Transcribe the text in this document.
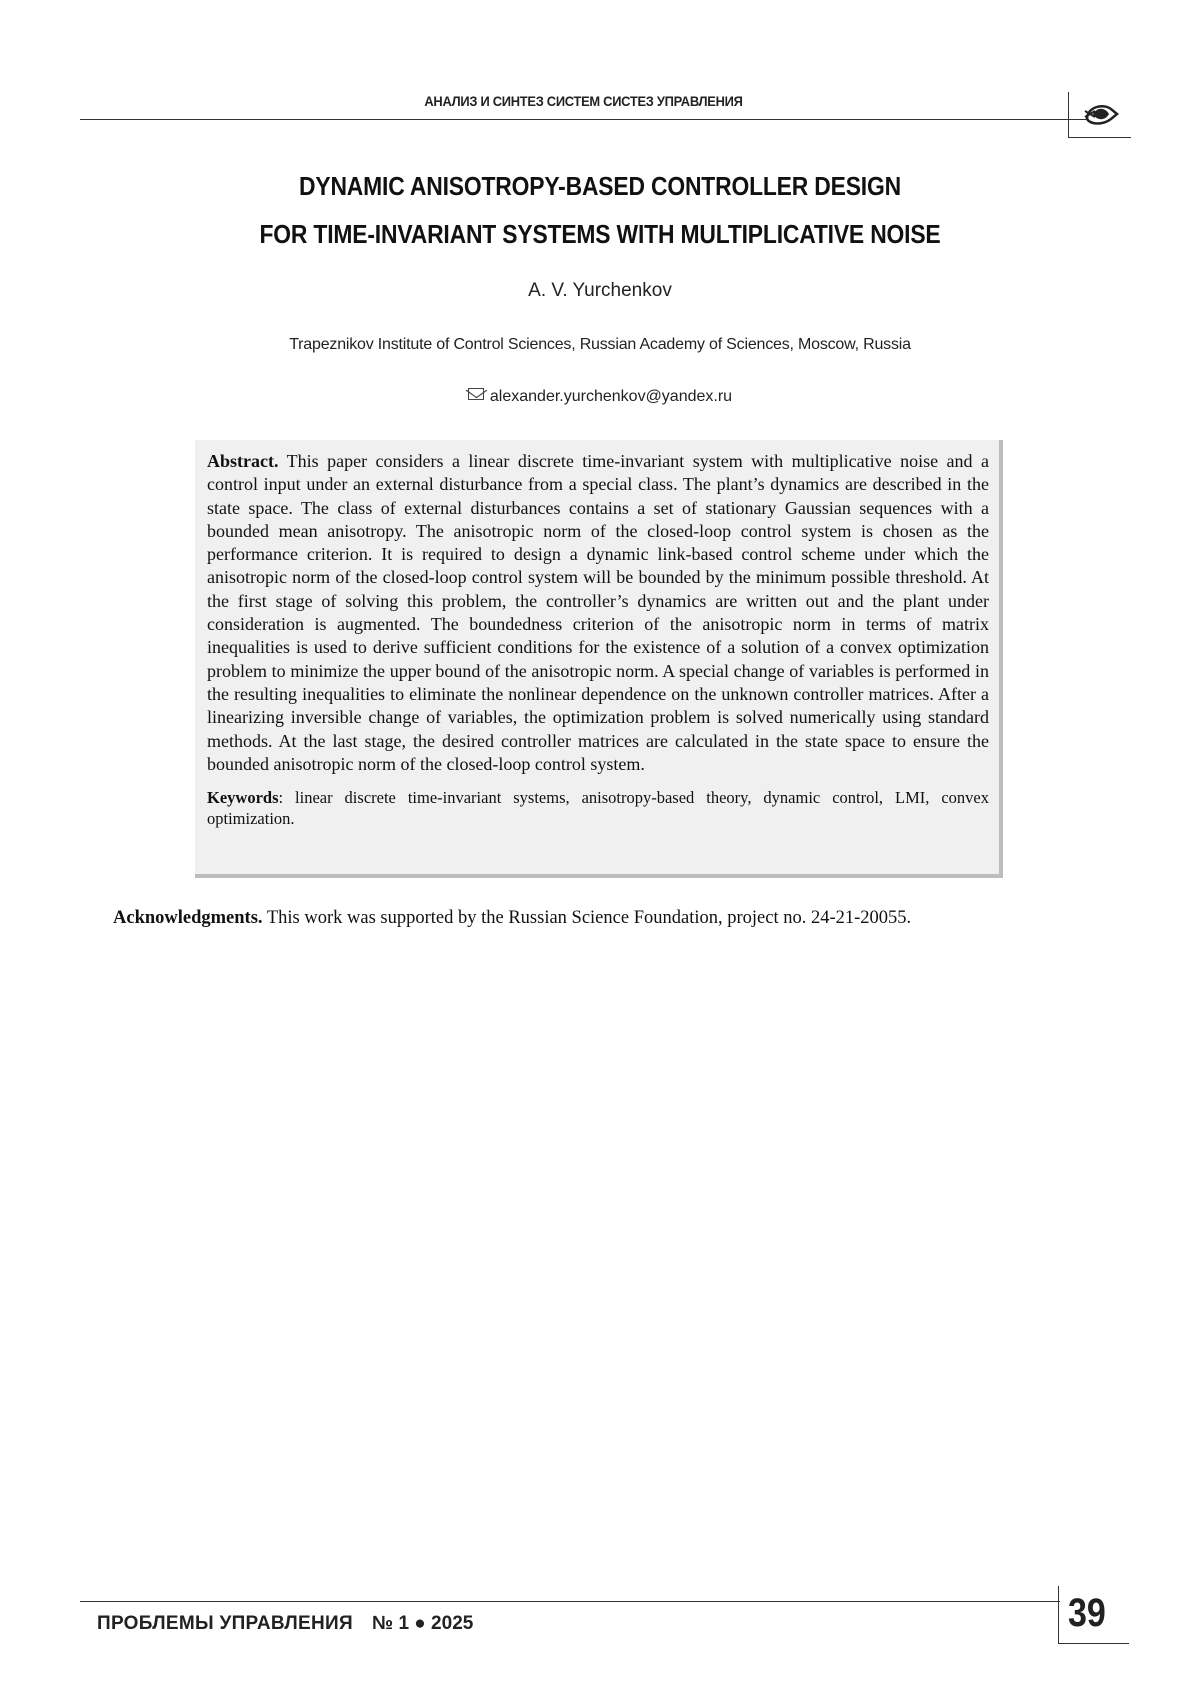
АНАЛИЗ И СИНТЕЗ СИСТЕМ СИСТЕЗ УПРАВЛЕНИЯ
DYNAMIC ANISOTROPY-BASED CONTROLLER DESIGN
FOR TIME-INVARIANT SYSTEMS WITH MULTIPLICATIVE NOISE
A. V. Yurchenkov
Trapeznikov Institute of Control Sciences, Russian Academy of Sciences, Moscow, Russia
alexander.yurchenkov@yandex.ru

Abstract. This paper considers a linear discrete time-invariant system with multiplicative noise and a control input under an external disturbance from a special class. The plant’s dynamics are described in the state space. The class of external disturbances contains a set of stationary Gaussian sequences with a bounded mean anisotropy. The anisotropic norm of the closed-loop control system is chosen as the performance criterion. It is required to design a dynamic link-based control scheme under which the anisotropic norm of the closed-loop control system will be bounded by the minimum possible threshold. At the first stage of solving this problem, the controller’s dynamics are written out and the plant under consideration is augmented. The boundedness criterion of the anisotropic norm in terms of matrix inequalities is used to derive sufficient conditions for the existence of a solution of a convex optimization problem to minimize the upper bound of the anisotropic norm. A special change of variables is performed in the resulting inequalities to eliminate the nonlinear dependence on the unknown controller matrices. After a linearizing inversible change of variables, the optimization problem is solved numerically using standard methods. At the last stage, the desired controller matrices are calculated in the state space to ensure the bounded anisotropic norm of the closed-loop control system.

Keywords: linear discrete time-invariant systems, anisotropy-based theory, dynamic control, LMI, convex optimization.

Acknowledgments. This work was supported by the Russian Science Foundation, project no. 24-21-20055.
ПРОБЛЕМЫ УПРАВЛЕНИЯ № 1 ● 2025	39
